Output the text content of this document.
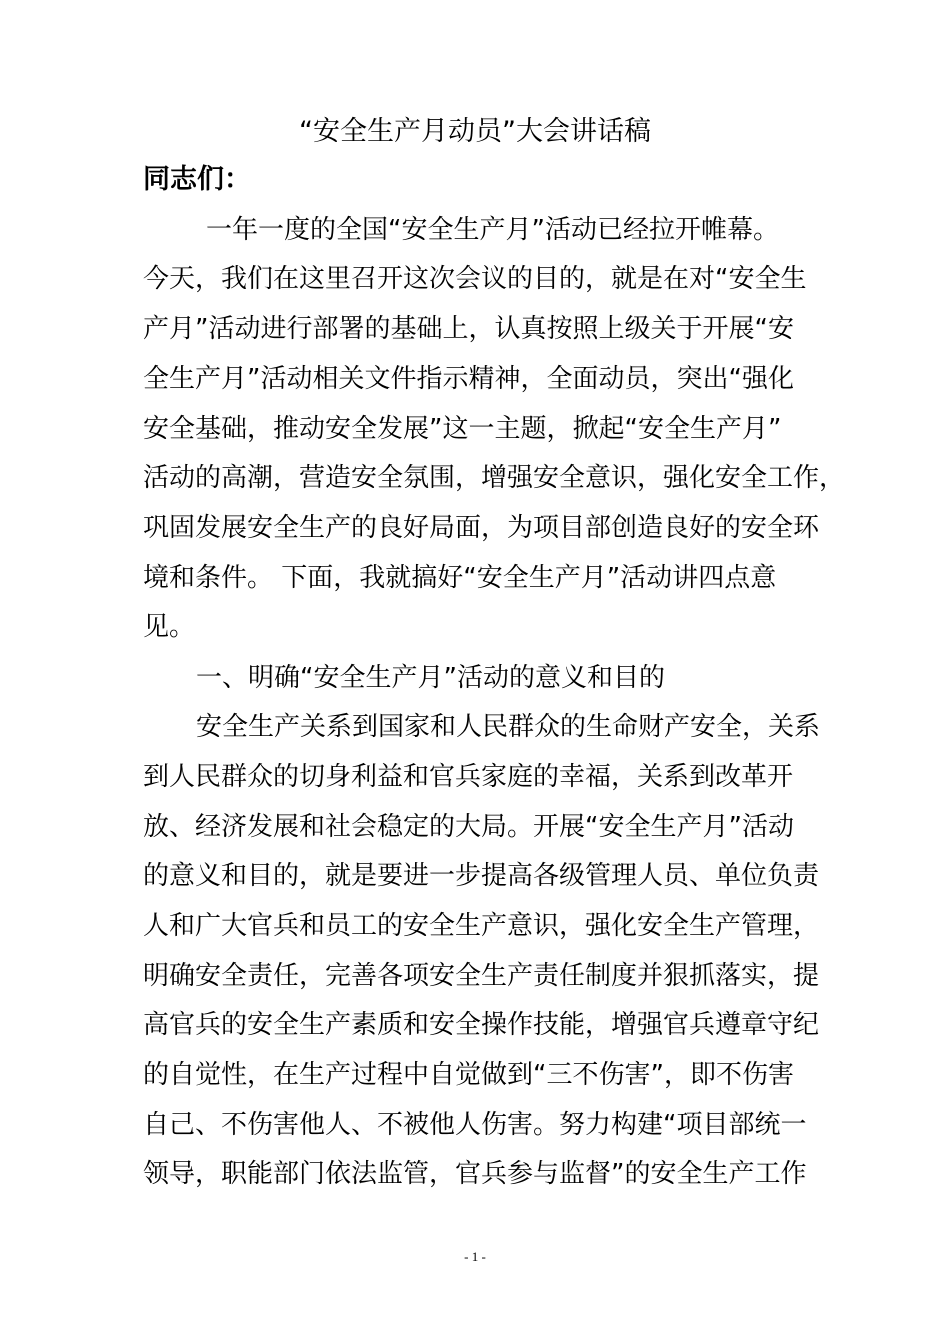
“安全生产月动员”大会讲话稿
同志们：
一年一度的全国“安全生产月”活动已经拉开帷幕。
今天，我们在这里召开这次会议的目的，就是在对“安全生
产月”活动进行部署的基础上，认真按照上级关于开展“安
全生产月”活动相关文件指示精神，全面动员，突出“强化
安全基础，推动安全发展”这一主题，掀起“安全生产月”
活动的高潮，营造安全氛围，增强安全意识，强化安全工作，
巩固发展安全生产的良好局面，为项目部创造良好的安全环
境和条件。 下面，我就搞好“安全生产月”活动讲四点意
见。
一、明确“安全生产月”活动的意义和目的
安全生产关系到国家和人民群众的生命财产安全，关系
到人民群众的切身利益和官兵家庭的幸福，关系到改革开
放、经济发展和社会稳定的大局。开展“安全生产月”活动
的意义和目的，就是要进一步提高各级管理人员、单位负责
人和广大官兵和员工的安全生产意识，强化安全生产管理，
明确安全责任，完善各项安全生产责任制度并狠抓落实，提
高官兵的安全生产素质和安全操作技能，增强官兵遵章守纪
的自觉性，在生产过程中自觉做到“三不伤害”，即不伤害
自己、不伤害他人、不被他人伤害。努力构建“项目部统一
领导，职能部门依法监管，官兵参与监督”的安全生产工作
- 1 -
